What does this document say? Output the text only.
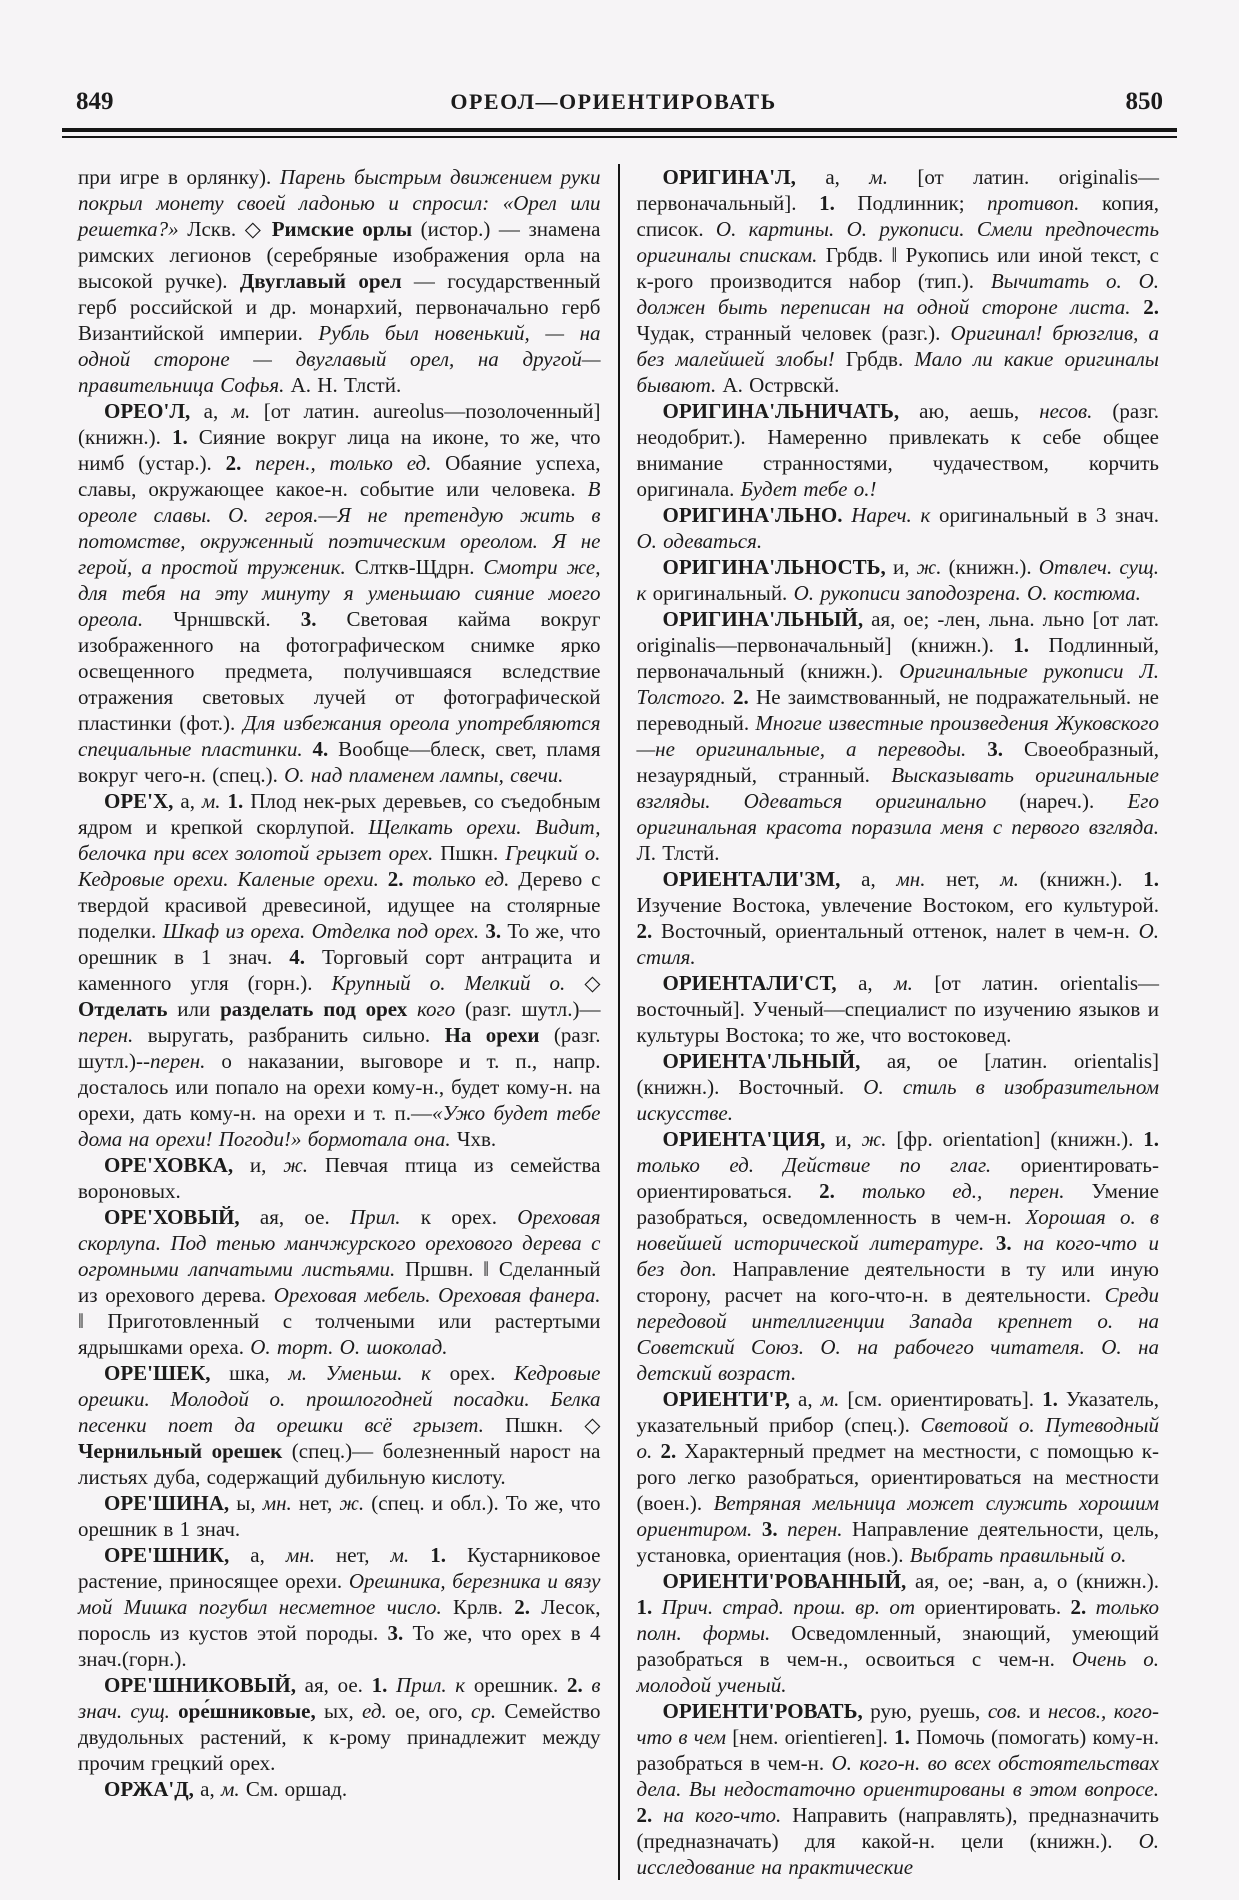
849	ОРЕОЛ—ОРИЕНТИРОВАТЬ	850

при игре в орлянку). Парень быстрым движением руки покрыл монету своей ладонью и спросил: «Орел или решетка?» Лскв. ◇ Римские орлы (истор.) — знамена римских легионов (серебряные изображения орла на высокой ручке). Двуглавый орел — государственный герб российской и др. монархий, первоначально герб Византийской империи. Рубль был новенький, — на одной стороне — двуглавый орел, на другой—правительница Софья. А. Н. Тлстй.

ОРЕО'Л, а, м. [от латин. aureolus—позолоченный] (книжн.). 1. Сияние вокруг лица на иконе, то же, что нимб (устар.). 2. перен., только ед. Обаяние успеха, славы, окружающее какое-н. событие или человека. В ореоле славы. О. героя.—Я не претендую жить в потомстве, окруженный поэтическим ореолом. Я не герой, а простой труженик. Слткв-Щдрн. Смотри же, для тебя на эту минуту я уменьшаю сияние моего ореола. Чрншвскй. 3. Световая кайма вокруг изображенного на фотографическом снимке ярко освещенного предмета, получившаяся вследствие отражения световых лучей от фотографической пластинки (фот.). Для избежания ореола употребляются специальные пластинки. 4. Вообще—блеск, свет, пламя вокруг чего-н. (спец.). О. над пламенем лампы, свечи.

ОРЕ'Х, а, м. 1. Плод нек-рых деревьев, со съедобным ядром и крепкой скорлупой. Щелкать орехи. Видит, белочка при всех золотой грызет орех. Пшкн. Грецкий о. Кедровые орехи. Каленые орехи. 2. только ед. Дерево с твердой красивой древесиной, идущее на столярные поделки. Шкаф из ореха. Отделка под орех. 3. То же, что орешник в 1 знач. 4. Торговый сорт антрацита и каменного угля (горн.). Крупный о. Мелкий о. ◇ Отделать или разделать под орех кого (разг. шутл.)—перен. выругать, разбранить сильно. На орехи (разг. шутл.)--перен. о наказании, выговоре и т. п., напр. досталось или попало на орехи кому-н., будет кому-н. на орехи, дать кому-н. на орехи и т. п.—«Ужо будет тебе дома на орехи! Погоди!» бормотала она. Чхв.

ОРЕ'ХОВКА, и, ж. Певчая птица из семейства вороновых.

ОРЕ'ХОВЫЙ, ая, ое. Прил. к орех. Ореховая скорлупа. Под тенью манчжурского орехового дерева с огромными лапчатыми листьями. Пршвн. ‖ Сделанный из орехового дерева. Ореховая мебель. Ореховая фанера. ‖ Приготовленный с толчеными или растертыми ядрышками ореха. О. торт. О. шоколад.

ОРЕ'ШЕК, шка, м. Уменьш. к орех. Кедровые орешки. Молодой о. прошлогодней посадки. Белка песенки поет да орешки всё грызет. Пшкн. ◇ Чернильный орешек (спец.)— болезненный нарост на листьях дуба, содержащий дубильную кислоту.

ОРЕ'ШИНА, ы, мн. нет, ж. (спец. и обл.). То же, что орешник в 1 знач.

ОРЕ'ШНИК, а, мн. нет, м. 1. Кустарниковое растение, приносящее орехи. Орешника, березника и вязу мой Мишка погубил несметное число. Крлв. 2. Лесок, поросль из кустов этой породы. 3. То же, что орех в 4 знач.(горн.).

ОРЕ'ШНИКОВЫЙ, ая, ое. 1. Прил. к орешник. 2. в знач. сущ. оре́шниковые, ых, ед. ое, ого, ср. Семейство двудольных растений, к к-рому принадлежит между прочим грецкий орех.

ОРЖА'Д, а, м. См. оршад.

ОРИГИНА'Л, а, м. [от латин. originalis— первоначальный]. 1. Подлинник; противоп. копия, список. О. картины. О. рукописи. Смели предпочесть оригиналы спискам. Грбдв. ‖ Рукопись или иной текст, с к-рого производится набор (тип.). Вычитать о. О. должен быть переписан на одной стороне листа. 2. Чудак, странный человек (разг.). Оригинал! брюзглив, а без малейшей злобы! Грбдв. Мало ли какие оригиналы бывают. А. Острвскй.

ОРИГИНА'ЛЬНИЧАТЬ, аю, аешь, несов. (разг. неодобрит.). Намеренно привлекать к себе общее внимание странностями, чудачеством, корчить оригинала. Будет тебе о.!

ОРИГИНА'ЛЬНО. Нареч. к оригинальный в 3 знач. О. одеваться.

ОРИГИНА'ЛЬНОСТЬ, и, ж. (книжн.). Отвлеч. сущ. к оригинальный. О. рукописи заподозрена. О. костюма.

ОРИГИНА'ЛЬНЫЙ, ая, ое; -лен, льна. льно [от лат. originalis—первоначальный] (книжн.). 1. Подлинный, первоначальный (книжн.). Оригинальные рукописи Л. Толстого. 2. Не заимствованный, не подражательный. не переводный. Многие известные произведения Жуковского—не оригинальные, а переводы. 3. Своеобразный, незаурядный, странный. Высказывать оригинальные взгляды. Одеваться оригинально (нареч.). Его оригинальная красота поразила меня с первого взгляда. Л. Тлстй.

ОРИЕНТАЛИ'ЗМ, а, мн. нет, м. (книжн.). 1. Изучение Востока, увлечение Востоком, его культурой. 2. Восточный, ориентальный оттенок, налет в чем-н. О. стиля.

ОРИЕНТАЛИ'СТ, а, м. [от латин. orientalis—восточный]. Ученый—специалист по изучению языков и культуры Востока; то же, что востоковед.

ОРИЕНТА'ЛЬНЫЙ, ая, ое [латин. orientalis] (книжн.). Восточный. О. стиль в изобразительном искусстве.

ОРИЕНТА'ЦИЯ, и, ж. [фр. orientation] (книжн.). 1. только ед. Действие по глаг. ориентировать-ориентироваться. 2. только ед., перен. Умение разобраться, осведомленность в чем-н. Хорошая о. в новейшей исторической литературе. 3. на кого-что и без доп. Направление деятельности в ту или иную сторону, расчет на кого-что-н. в деятельности. Среди передовой интеллигенции Запада крепнет о. на Советский Союз. О. на рабочего читателя. О. на детский возраст.

ОРИЕНТИ'Р, а, м. [см. ориентировать]. 1. Указатель, указательный прибор (спец.). Световой о. Путеводный о. 2. Характерный предмет на местности, с помощью к-рого легко разобраться, ориентироваться на местности (воен.). Ветряная мельница может служить хорошим ориентиром. 3. перен. Направление деятельности, цель, установка, ориентация (нов.). Выбрать правильный о.

ОРИЕНТИ'РОВАННЫЙ, ая, ое; -ван, а, о (книжн.). 1. Прич. страд. прош. вр. от ориентировать. 2. только полн. формы. Осведомленный, знающий, умеющий разобраться в чем-н., освоиться с чем-н. Очень о. молодой ученый.

ОРИЕНТИ'РОВАТЬ, рую, руешь, сов. и несов., кого-что в чем [нем. orientieren]. 1. Помочь (помогать) кому-н. разобраться в чем-н. О. кого-н. во всех обстоятельствах дела. Вы недостаточно ориентированы в этом вопросе. 2. на кого-что. Направить (направлять), предназначить (предназначать) для какой-н. цели (книжн.). О. исследование на практические
